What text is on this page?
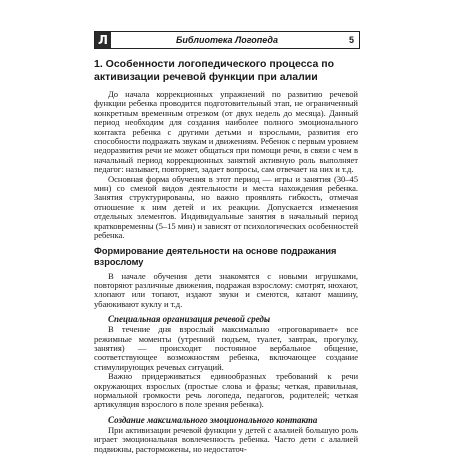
Библиотека Логопеда
Л	5
1. Особенности логопедического процесса по активизации речевой функции при алалии

До начала коррекционных упражнений по развитию речевой функции ребенка проводится подготовительный этап, не ограниченный конкретным временным отрезком (от двух недель до месяца). Данный период необходим для создания наиболее полного эмоционального контакта ребенка с другими детьми и взрослыми, развития его способности подражать звукам и движениям. Ребенок с первым уровнем недоразвития речи не может общаться при помощи речи, в связи с чем в начальный период коррекционных занятий активную роль выполняет педагог: называет, повторяет, задает вопросы, сам отвечает на них и т.д.

Основная форма обучения в этот период — игры и занятия (30–45 мин) со сменой видов деятельности и места нахождения ребенка. Занятия структурированы, но важно проявлять гибкость, отмечая отношение к ним детей и их реакции. Допускается изменения отдельных элементов. Индивидуальные занятия в начальный период кратковременны (5–15 мин) и зависят от психологических особенностей ребенка.

Формирование деятельности на основе подражания взрослому

В начале обучения дети знакомятся с новыми игрушками, повторяют различные движения, подражая взрослому: смотрят, нюхают, хлопают или топают, издают звуки и смеются, катают машину, убаюкивают куклу и т.д.

Специальная организация речевой среды

В течение дня взрослый максимально «проговаривает» все режимные моменты (утренний подъем, туалет, завтрак, прогулку, занятия) — происходит постоянное вербальное общение, соответствующее возможностям ребенка, включающее создание стимулирующих речевых ситуаций.

Важно придерживаться единообразных требований к речи окружающих взрослых (простые слова и фразы; четкая, правильная, нормальной громкости речь логопеда, педагогов, родителей; четкая артикуляция взрослого в поле зрения ребенка).

Создание максимального эмоционального контакта

При активизации речевой функции у детей с алалией большую роль играет эмоциональная вовлеченность ребенка. Часто дети с алалией подвижны, расторможены, но недостаточ-
